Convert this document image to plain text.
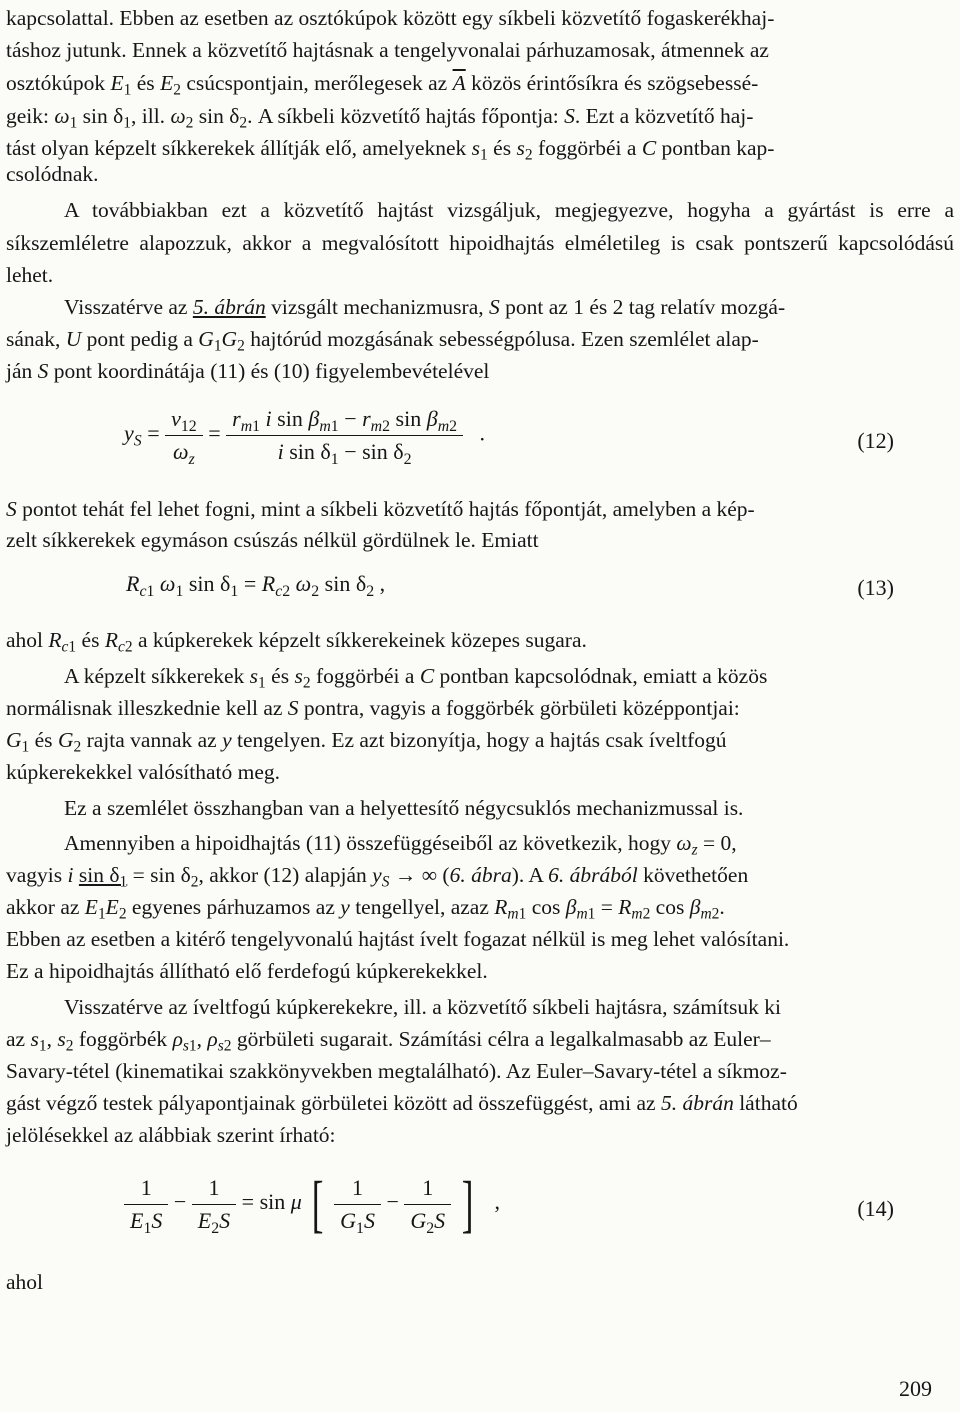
kapcsolattal. Ebben az esetben az osztókúpok között egy síkbeli közvetítő fogaskerékhaj-

táshoz jutunk. Ennek a közvetítő hajtásnak a tengelyvonalai párhuzamosak, átmennek az

osztókúpok $E_1$ és $E_2$ csúcspontjain, merőlegesek az $\overline{A}$ közös érintősíkra és szögsebessé-

geik: $\omega_1$ $\sin \delta_1$, ill. $\omega_2$ $\sin \delta_2$. A síkbeli közvetítő hajtás főpontja: S. Ezt a közvetítő haj-

tást olyan képzelt síkkerekek állítják elő, amelyeknek $s_1$ és $s_2$ foggörbéi a C pontban kap-

csolódnak.

A továbbiakban ezt a közvetítő hajtást vizsgáljuk, megjegyezve, hogyha a gyártást is erre a síkszemléletre alapozzuk, akkor a megvalósított hipoidhajtás elméletileg is csak pontszerű kapcsolódású lehet.

Visszatérve az 5. ábrán vizsgált mechanizmusra, S pont az 1 és 2 tag relatív mozgá-

sának, U pont pedig a $G_1G_2$ hajtórúd mozgásának sebességpólusa. Ezen szemlélet alap-

ján S pont koordinátája (11) és (10) figyelembevételével

$y_S = \frac{v_{12}}{\omega_z} = \frac{r_{m1} i \sin \beta_{m1} - r_{m2} \sin \beta_{m2}}{i \sin \delta_1 - \sin \delta_2}$ .	(12)

S pontot tehát fel lehet fogni, mint a síkbeli közvetítő hajtás főpontját, amelyben a kép-

zelt síkkerekek egymáson csúszás nélkül gördülnek le. Emiatt

$R_{c1}$ $\omega_1$ $\sin \delta_1 = R_{c2}$ $\omega_2$ $\sin \delta_2$ ,	(13)

ahol $R_{c1}$ és $R_{c2}$ a kúpkerekek képzelt síkkerekeinek közepes sugara.

A képzelt síkkerekek $s_1$ és $s_2$ foggörbéi a C pontban kapcsolódnak, emiatt a közös

normálisnak illeszkednie kell az S pontra, vagyis a foggörbék görbületi középpontjai:

$G_1$ és $G_2$ rajta vannak az y tengelyen. Ez azt bizonyítja, hogy a hajtás csak íveltfogú

kúpkerekekkel valósítható meg.

Ez a szemlélet összhangban van a helyettesítő négycsuklós mechanizmussal is.

Amennyiben a hipoidhajtás (11) összefüggéseiből az következik, hogy $\omega_z = 0$,

vagyis i $\sin \delta_1 = \sin \delta_2$, akkor (12) alapján $y_S$ → ∞ (6. ábra). A 6. ábrából követhetően

akkor az $E_1E_2$ egyenes párhuzamos az y tengellyel, azaz $R_{m1}$ $\cos \beta_{m1} = R_{m2}$ $\cos \beta_{m2}$.

Ebben az esetben a kitérő tengelyvonalú hajtást ívelt fogazat nélkül is meg lehet valósítani.

Ez a hipoidhajtás állítható elő ferdefogú kúpkerekekkel.

Visszatérve az íveltfogú kúpkerekekre, ill. a közvetítő síkbeli hajtásra, számítsuk ki

az $s_1$, $s_2$ foggörbék $\rho_{s1}$, $\rho_{s2}$ görbületi sugarait. Számítási célra a legalkalmasabb az Euler–

Savary-tétel (kinematikai szakkönyvekben megtalálható). Az Euler–Savary-tétel a síkmoz-

gást végző testek pályapontjainak görbületei között ad összefüggést, ami az 5. ábrán látható

jelölésekkel az alábbiak szerint írható:

$\frac{1}{E_1S} - \frac{1}{E_2S} = \sin \mu$ [ $\frac{1}{G_1S} - \frac{1}{G_2S}$ ]   ,	(14)

ahol

209
